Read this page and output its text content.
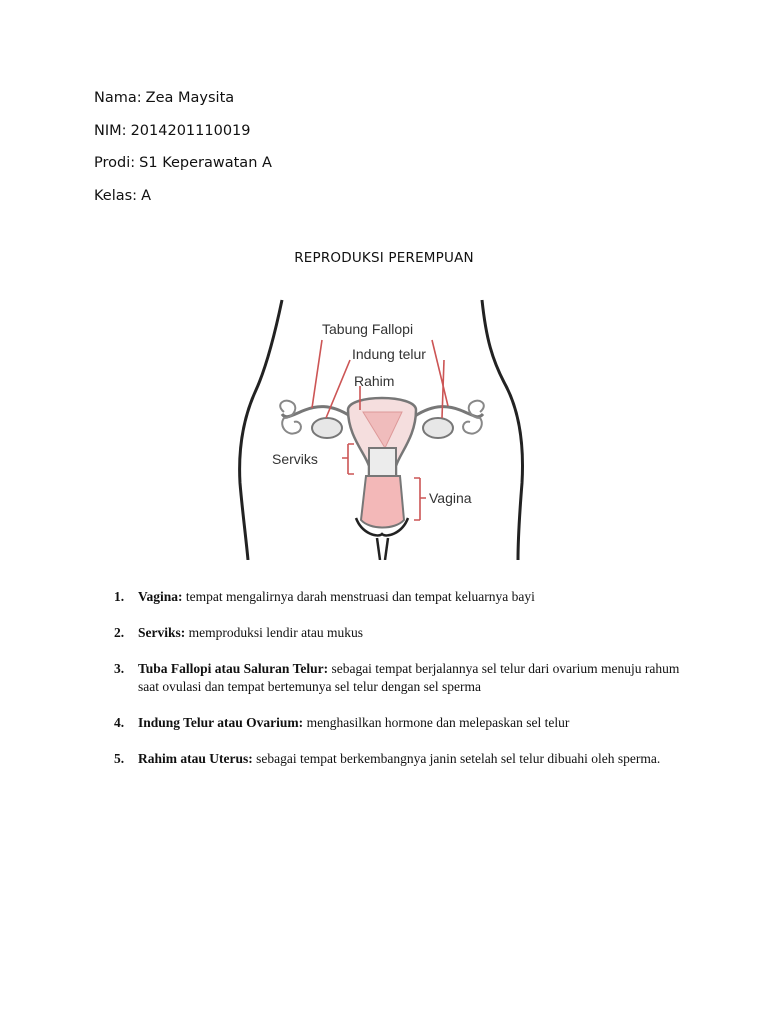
Nama: Zea Maysita
NIM: 2014201110019
Prodi: S1 Keperawatan A
Kelas: A
REPRODUKSI PEREMPUAN
Tabung Fallopi
Indung telur
Rahim
Serviks
Vagina
1.	Vagina: tempat mengalirnya darah menstruasi dan tempat keluarnya bayi
2.	Serviks: memproduksi lendir atau mukus
3.	Tuba Fallopi atau Saluran Telur: sebagai tempat berjalannya sel telur dari ovarium menuju rahum saat ovulasi dan tempat bertemunya sel telur dengan sel sperma
4.	Indung Telur atau Ovarium: menghasilkan hormone dan melepaskan sel telur
5.	Rahim atau Uterus: sebagai tempat berkembangnya janin setelah sel telur dibuahi oleh sperma.
